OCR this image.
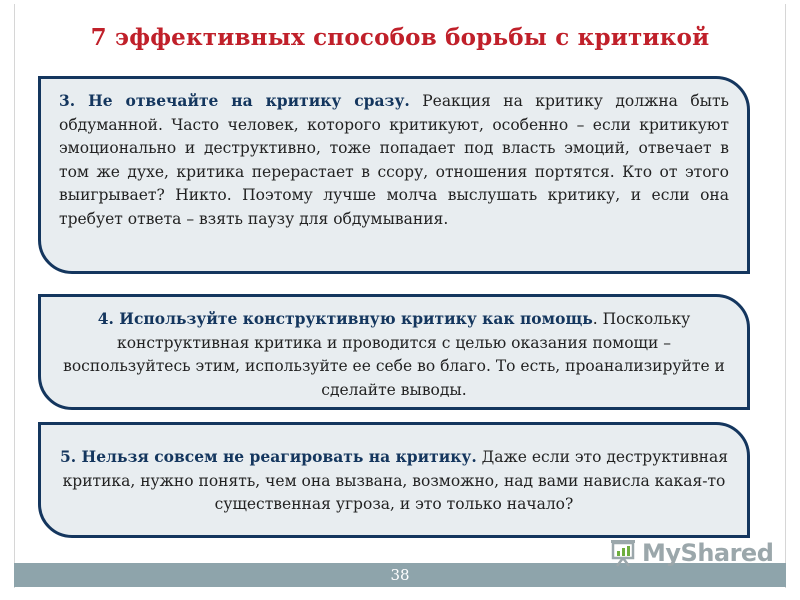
7 эффективных способов борьбы с критикой
3. Не отвечайте на критику сразу. Реакция на критику должна быть обдуманной. Часто человек, которого критикуют, особенно – если критикуют эмоционально и деструктивно, тоже попадает под власть эмоций, отвечает в том же духе, критика перерастает в ссору, отношения портятся. Кто от этого выигрывает? Никто. Поэтому лучше молча выслушать критику, и если она требует ответа – взять паузу для обдумывания.
4. Используйте конструктивную критику как помощь. Поскольку конструктивная критика и проводится с целью оказания помощи – воспользуйтесь этим, используйте ее себе во благо. То есть, проанализируйте и сделайте выводы.
5. Нельзя совсем не реагировать на критику. Даже если это деструктивная критика, нужно понять, чем она вызвана, возможно, над вами нависла какая-то существенная угроза, и это только начало?
38
MyShared
